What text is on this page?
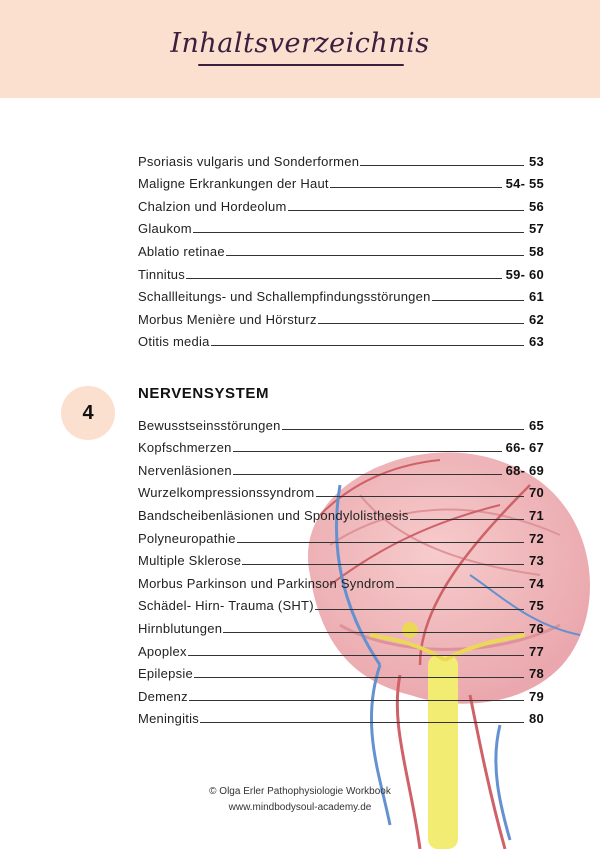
Inhaltsverzeichnis
Psoriasis vulgaris und Sonderformen	53
Maligne Erkrankungen der Haut	54- 55
Chalzion und Hordeolum	56
Glaukom	57
Ablatio retinae	58
Tinnitus	59- 60
Schallleitungs- und Schallempfindungsstörungen	61
Morbus Menière und Hörsturz	62
Otitis media	63
4
NERVENSYSTEM
Bewusstseinsstörungen	65
Kopfschmerzen	66- 67
Nervenläsionen	68- 69
Wurzelkompressionssyndrom	70
Bandscheibenläsionen und Spondylolisthesis	71
Polyneuropathie	72
Multiple Sklerose	73
Morbus Parkinson und Parkinson Syndrom	74
Schädel- Hirn- Trauma (SHT)	75
Hirnblutungen	76
Apoplex	77
Epilepsie	78
Demenz	79
Meningitis	80
© Olga Erler Pathophysiologie Workbook
www.mindbodysoul-academy.de
